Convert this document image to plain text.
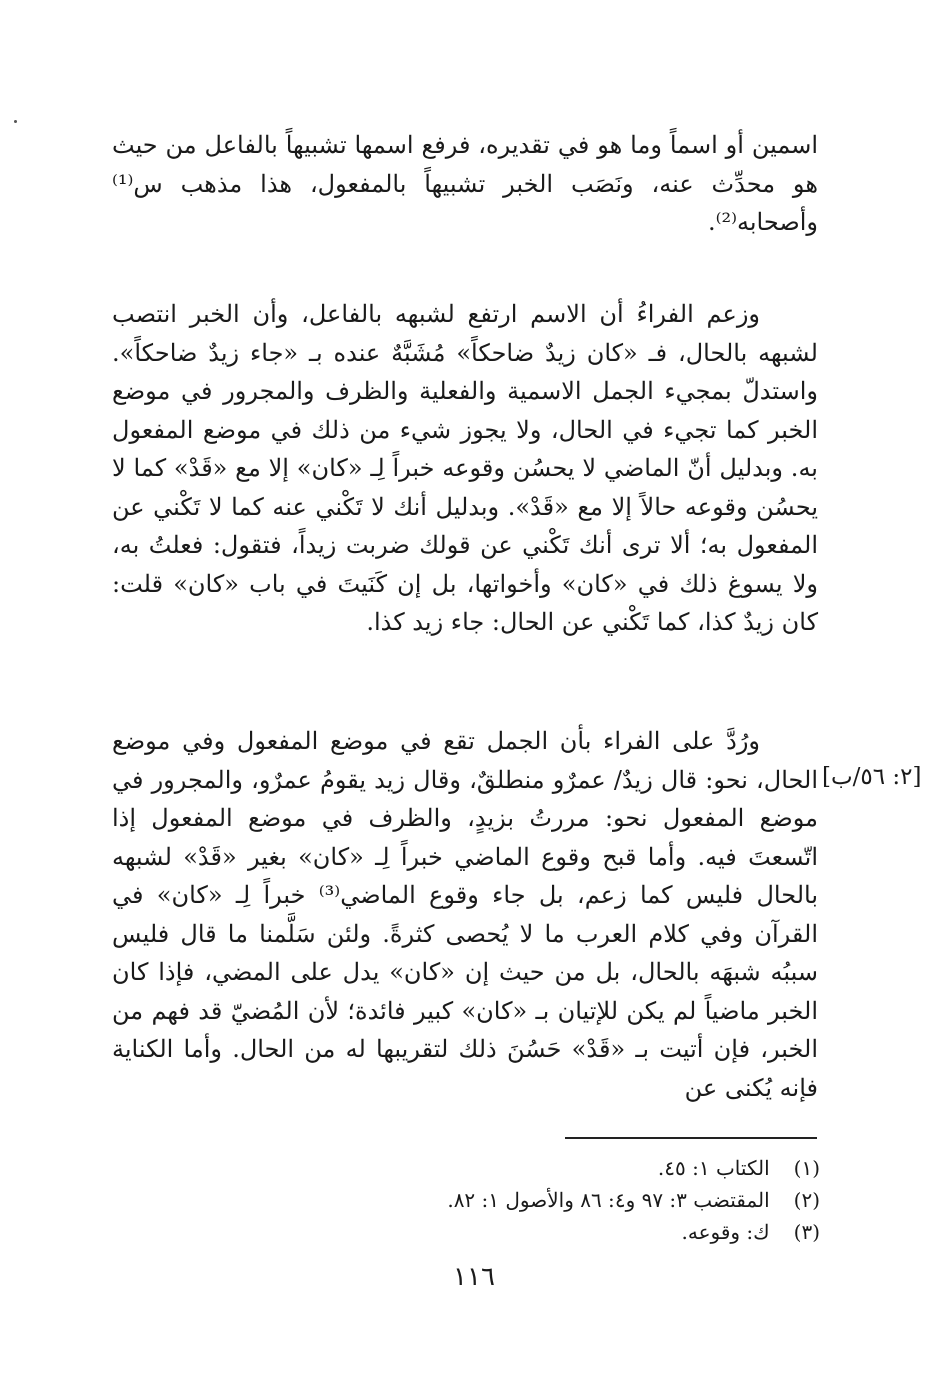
اسمين أو اسماً وما هو في تقديره، فرفع اسمها تشبيهاً بالفاعل من حيث هو محدِّث عنه، ونَصَب الخبر تشبيهاً بالمفعول، هذا مذهب س⁽¹⁾ وأصحابه⁽²⁾.

وزعم الفراءُ أن الاسم ارتفع لشبهه بالفاعل، وأن الخبر انتصب لشبهه بالحال، فـ «كان زيدٌ ضاحكاً» مُشَبَّهٌ عنده بـ «جاء زيدٌ ضاحكاً». واستدلّ بمجيء الجمل الاسمية والفعلية والظرف والمجرور في موضع الخبر كما تجيء في الحال، ولا يجوز شيء من ذلك في موضع المفعول به. وبدليل أنّ الماضي لا يحسُن وقوعه خبراً لِـ «كان» إلا مع «قَدْ» كما لا يحسُن وقوعه حالاً إلا مع «قَدْ». وبدليل أنك لا تَكْني عنه كما لا تَكْني عن المفعول به؛ ألا ترى أنك تَكْني عن قولك ضربت زيداً، فتقول: فعلتُ به، ولا يسوغ ذلك في «كان» وأخواتها، بل إن كَنَيتَ في باب «كان» قلت: كان زيدٌ كذا، كما تَكْني عن الحال: جاء زيد كذا.

ورُدَّ على الفراء بأن الجمل تقع في موضع المفعول وفي موضع الحال، نحو: قال زيدٌ/ عمرٌو منطلقٌ، وقال زيد يقومُ عمرٌو، والمجرور في موضع المفعول نحو: مررتُ بزيدٍ، والظرف في موضع المفعول إذا اتّسعتَ فيه. وأما قبح وقوع الماضي خبراً لِـ «كان» بغير «قَدْ» لشبهه بالحال فليس كما زعم، بل جاء وقوع الماضي⁽³⁾ خبراً لِـ «كان» في القرآن وفي كلام العرب ما لا يُحصى كثرةً. ولئن سَلَّمنا ما قال فليس سببُه شبهَه بالحال، بل من حيث إن «كان» يدل على المضي، فإذا كان الخبر ماضياً لم يكن للإتيان بـ «كان» كبير فائدة؛ لأن المُضيّ قد فهم من الخبر، فإن أتيت بـ «قَدْ» حَسُنَ ذلك لتقريبها له من الحال. وأما الكناية فإنه يُكنى عن

[٢: ٥٦/ب]
(١) الكتاب ١: ٤٥.
(٢) المقتضب ٣: ٩٧ و٤: ٨٦ والأصول ١: ٨٢.
(٣) ك: وقوعه.
١١٦
